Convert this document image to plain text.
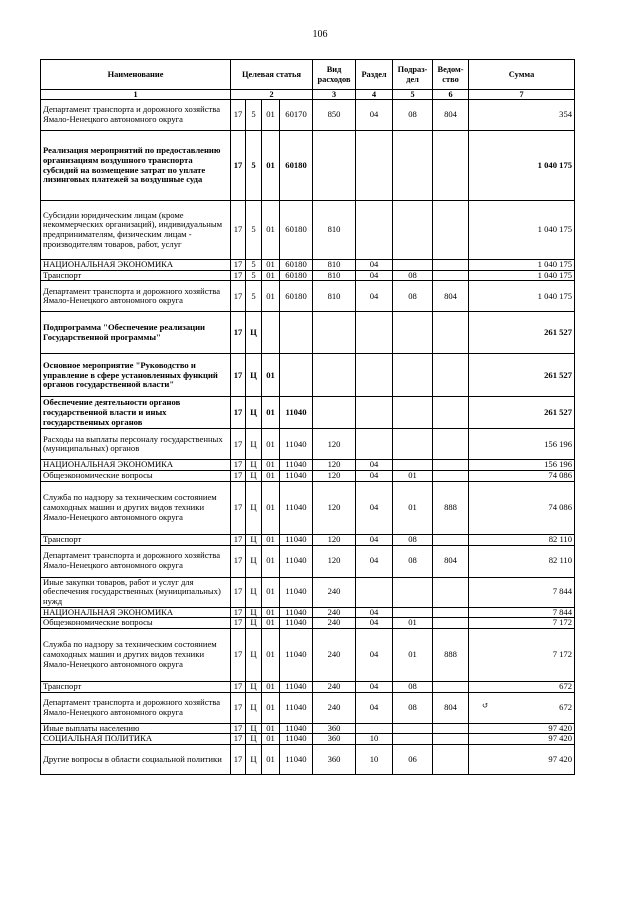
106
Наименование	Целевая статья				Вид расходов	Раздел	Подраз-дел	Ведом-ство	Сумма
1	2				3	4	5	6	7
Департамент транспорта и дорожного хозяйства Ямало-Ненецкого автономного округа	17	5	01	60170	850	04	08	804	354
Реализация мероприятий по предоставлению организациям воздушного транспорта субсидий на возмещение затрат по уплате лизинговых платежей за воздушные суда	17	5	01	60180					1 040 175
Субсидии юридическим лицам (кроме некоммерческих организаций), индивидуальным предпринимателям, физическим лицам - производителям товаров, работ, услуг	17	5	01	60180	810				1 040 175
НАЦИОНАЛЬНАЯ ЭКОНОМИКА	17	5	01	60180	810	04			1 040 175
Транспорт	17	5	01	60180	810	04	08		1 040 175
Департамент транспорта и дорожного хозяйства Ямало-Ненецкого автономного округа	17	5	01	60180	810	04	08	804	1 040 175
Подпрограмма "Обеспечение реализации Государственной программы"	17	Ц							261 527
Основное мероприятие "Руководство и управление в сфере установленных функций органов государственной власти"	17	Ц	01						261 527
Обеспечение деятельности органов государственной власти и иных государственных органов	17	Ц	01	11040					261 527
Расходы на выплаты персоналу государственных (муниципальных) органов	17	Ц	01	11040	120				156 196
НАЦИОНАЛЬНАЯ ЭКОНОМИКА	17	Ц	01	11040	120	04			156 196
Общеэкономические вопросы	17	Ц	01	11040	120	04	01		74 086
Служба по надзору за техническим состоянием самоходных машин и других видов техники Ямало-Ненецкого автономного округа	17	Ц	01	11040	120	04	01	888	74 086
Транспорт	17	Ц	01	11040	120	04	08		82 110
Департамент транспорта и дорожного хозяйства Ямало-Ненецкого автономного округа	17	Ц	01	11040	120	04	08	804	82 110
Иные закупки товаров, работ и услуг для обеспечения государственных (муниципальных) нужд	17	Ц	01	11040	240				7 844
НАЦИОНАЛЬНАЯ ЭКОНОМИКА	17	Ц	01	11040	240	04			7 844
Общеэкономические вопросы	17	Ц	01	11040	240	04	01		7 172
Служба по надзору за техническим состоянием самоходных машин и других видов техники Ямало-Ненецкого автономного округа	17	Ц	01	11040	240	04	01	888	7 172
Транспорт	17	Ц	01	11040	240	04	08		672
Департамент транспорта и дорожного хозяйства Ямало-Ненецкого автономного округа	17	Ц	01	11040	240	04	08	804	672
Иные выплаты населению	17	Ц	01	11040	360				97 420
СОЦИАЛЬНАЯ ПОЛИТИКА	17	Ц	01	11040	360	10			97 420
Другие вопросы в области социальной политики	17	Ц	01	11040	360	10	06		97 420
↺
